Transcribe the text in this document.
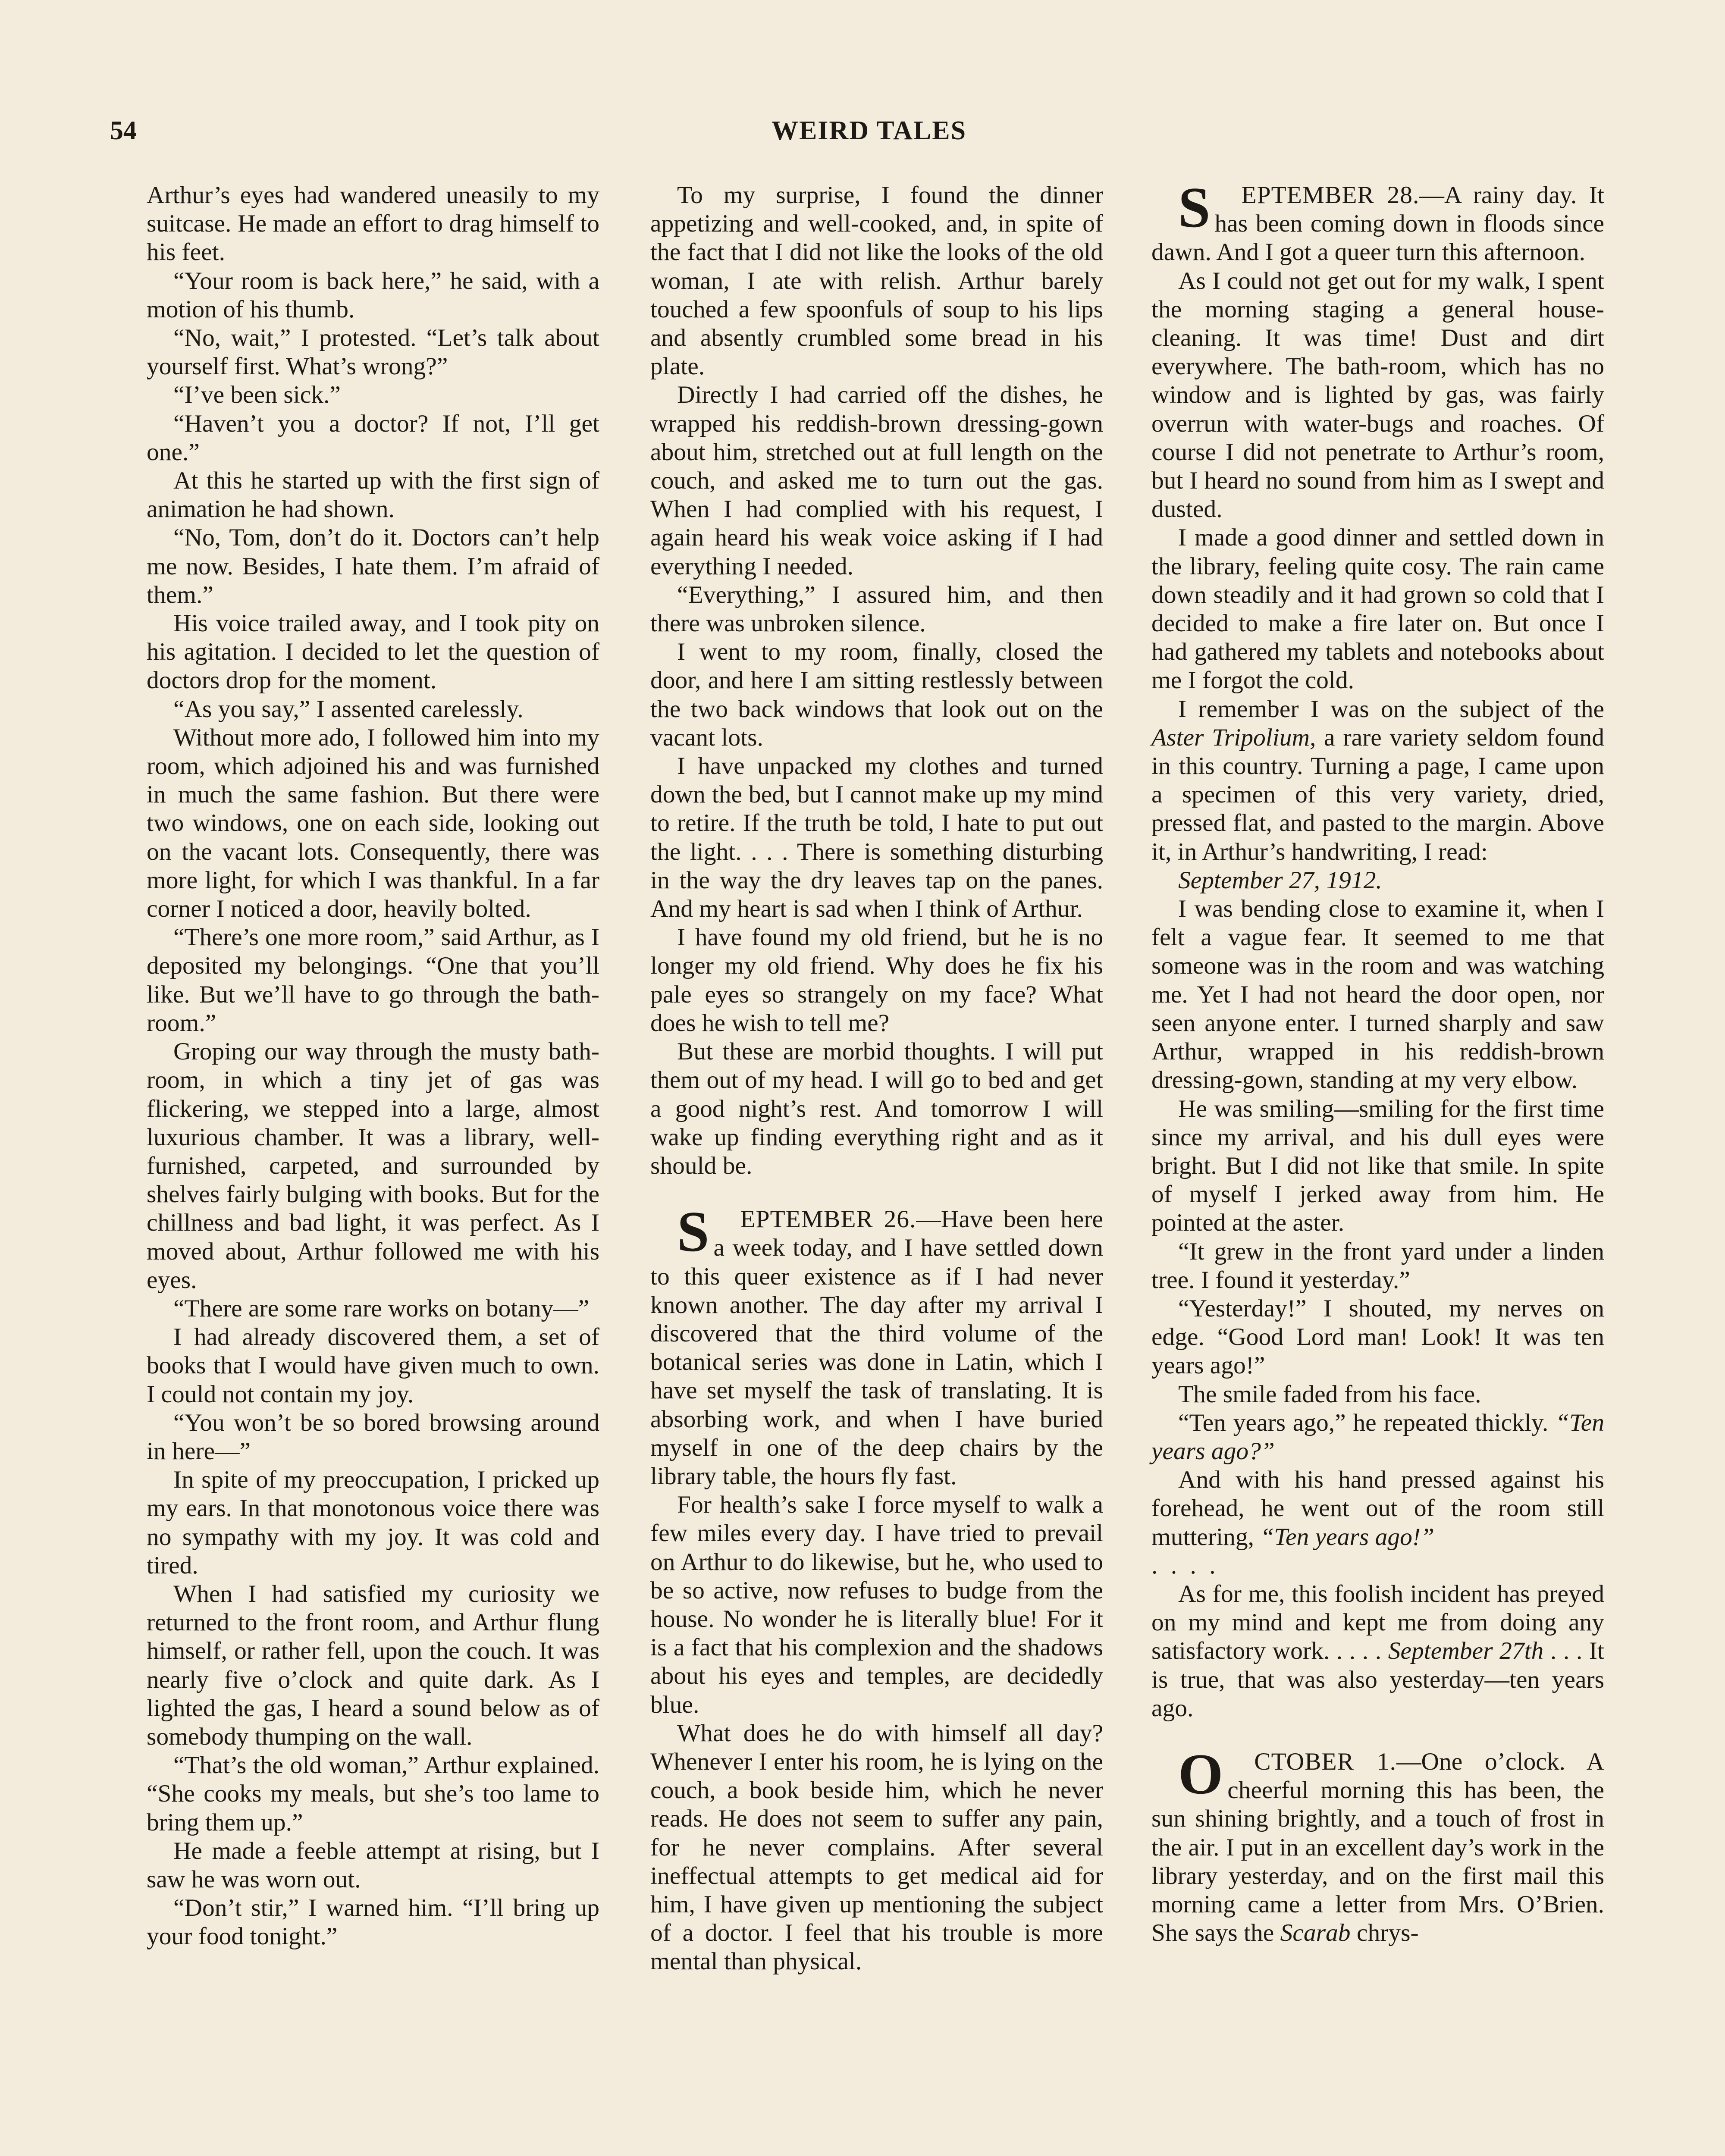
54	WEIRD TALES

Arthur’s eyes had wandered uneasily to my suitcase. He made an effort to drag himself to his feet.

“Your room is back here,” he said, with a motion of his thumb.

“No, wait,” I protested. “Let’s talk about yourself first. What’s wrong?”

“I’ve been sick.”

“Haven’t you a doctor? If not, I’ll get one.”

At this he started up with the first sign of animation he had shown.

“No, Tom, don’t do it. Doctors can’t help me now. Besides, I hate them. I’m afraid of them.”

His voice trailed away, and I took pity on his agitation. I decided to let the question of doctors drop for the moment.

“As you say,” I assented carelessly.

Without more ado, I followed him into my room, which adjoined his and was furnished in much the same fashion. But there were two windows, one on each side, looking out on the vacant lots. Consequently, there was more light, for which I was thankful. In a far corner I noticed a door, heavily bolted.

“There’s one more room,” said Arthur, as I deposited my belongings. “One that you’ll like. But we’ll have to go through the bath-room.”

Groping our way through the musty bath-room, in which a tiny jet of gas was flickering, we stepped into a large, almost luxurious chamber. It was a library, well-furnished, carpeted, and surrounded by shelves fairly bulging with books. But for the chillness and bad light, it was perfect. As I moved about, Arthur followed me with his eyes.

“There are some rare works on botany—”

I had already discovered them, a set of books that I would have given much to own. I could not contain my joy.

“You won’t be so bored browsing around in here—”

In spite of my preoccupation, I pricked up my ears. In that monotonous voice there was no sympathy with my joy. It was cold and tired.

When I had satisfied my curiosity we returned to the front room, and Arthur flung himself, or rather fell, upon the couch. It was nearly five o’clock and quite dark. As I lighted the gas, I heard a sound below as of somebody thumping on the wall.

“That’s the old woman,” Arthur explained. “She cooks my meals, but she’s too lame to bring them up.”

He made a feeble attempt at rising, but I saw he was worn out.

“Don’t stir,” I warned him. “I’ll bring up your food tonight.”

To my surprise, I found the dinner appetizing and well-cooked, and, in spite of the fact that I did not like the looks of the old woman, I ate with relish. Arthur barely touched a few spoonfuls of soup to his lips and absently crumbled some bread in his plate.

Directly I had carried off the dishes, he wrapped his reddish-brown dressing-gown about him, stretched out at full length on the couch, and asked me to turn out the gas. When I had complied with his request, I again heard his weak voice asking if I had everything I needed.

“Everything,” I assured him, and then there was unbroken silence.

I went to my room, finally, closed the door, and here I am sitting restlessly between the two back windows that look out on the vacant lots.

I have unpacked my clothes and turned down the bed, but I cannot make up my mind to retire. If the truth be told, I hate to put out the light. . . . There is something disturbing in the way the dry leaves tap on the panes. And my heart is sad when I think of Arthur.

I have found my old friend, but he is no longer my old friend. Why does he fix his pale eyes so strangely on my face? What does he wish to tell me?

But these are morbid thoughts. I will put them out of my head. I will go to bed and get a good night’s rest. And tomorrow I will wake up finding everything right and as it should be.

S EPTEMBER 26.—Have been here a week today, and I have settled down to this queer existence as if I had never known another. The day after my arrival I discovered that the third volume of the botanical series was done in Latin, which I have set myself the task of translating. It is absorbing work, and when I have buried myself in one of the deep chairs by the library table, the hours fly fast.

For health’s sake I force myself to walk a few miles every day. I have tried to prevail on Arthur to do likewise, but he, who used to be so active, now refuses to budge from the house. No wonder he is literally blue! For it is a fact that his complexion and the shadows about his eyes and temples, are decidedly blue.

What does he do with himself all day? Whenever I enter his room, he is lying on the couch, a book beside him, which he never reads. He does not seem to suffer any pain, for he never complains. After several ineffectual attempts to get medical aid for him, I have given up mentioning the subject of a doctor. I feel that his trouble is more mental than physical.

S EPTEMBER 28.—A rainy day. It has been coming down in floods since dawn. And I got a queer turn this afternoon.

As I could not get out for my walk, I spent the morning staging a general house-cleaning. It was time! Dust and dirt everywhere. The bath-room, which has no window and is lighted by gas, was fairly overrun with water-bugs and roaches. Of course I did not penetrate to Arthur’s room, but I heard no sound from him as I swept and dusted.

I made a good dinner and settled down in the library, feeling quite cosy. The rain came down steadily and it had grown so cold that I decided to make a fire later on. But once I had gathered my tablets and notebooks about me I forgot the cold.

I remember I was on the subject of the Aster Tripolium, a rare variety seldom found in this country. Turning a page, I came upon a specimen of this very variety, dried, pressed flat, and pasted to the margin. Above it, in Arthur’s handwriting, I read:

September 27, 1912.

I was bending close to examine it, when I felt a vague fear. It seemed to me that someone was in the room and was watching me. Yet I had not heard the door open, nor seen anyone enter. I turned sharply and saw Arthur, wrapped in his reddish-brown dressing-gown, standing at my very elbow.

He was smiling—smiling for the first time since my arrival, and his dull eyes were bright. But I did not like that smile. In spite of myself I jerked away from him. He pointed at the aster.

“It grew in the front yard under a linden tree. I found it yesterday.”

“Yesterday!” I shouted, my nerves on edge. “Good Lord man! Look! It was ten years ago!”

The smile faded from his face.

“Ten years ago,” he repeated thickly. “Ten years ago?”

And with his hand pressed against his forehead, he went out of the room still muttering, “Ten years ago!”

. . . .

As for me, this foolish incident has preyed on my mind and kept me from doing any satisfactory work. . . . . September 27th . . . It is true, that was also yesterday—ten years ago.

O CTOBER 1.—One o’clock. A cheerful morning this has been, the sun shining brightly, and a touch of frost in the air. I put in an excellent day’s work in the library yesterday, and on the first mail this morning came a letter from Mrs. O’Brien. She says the Scarab chrys-
